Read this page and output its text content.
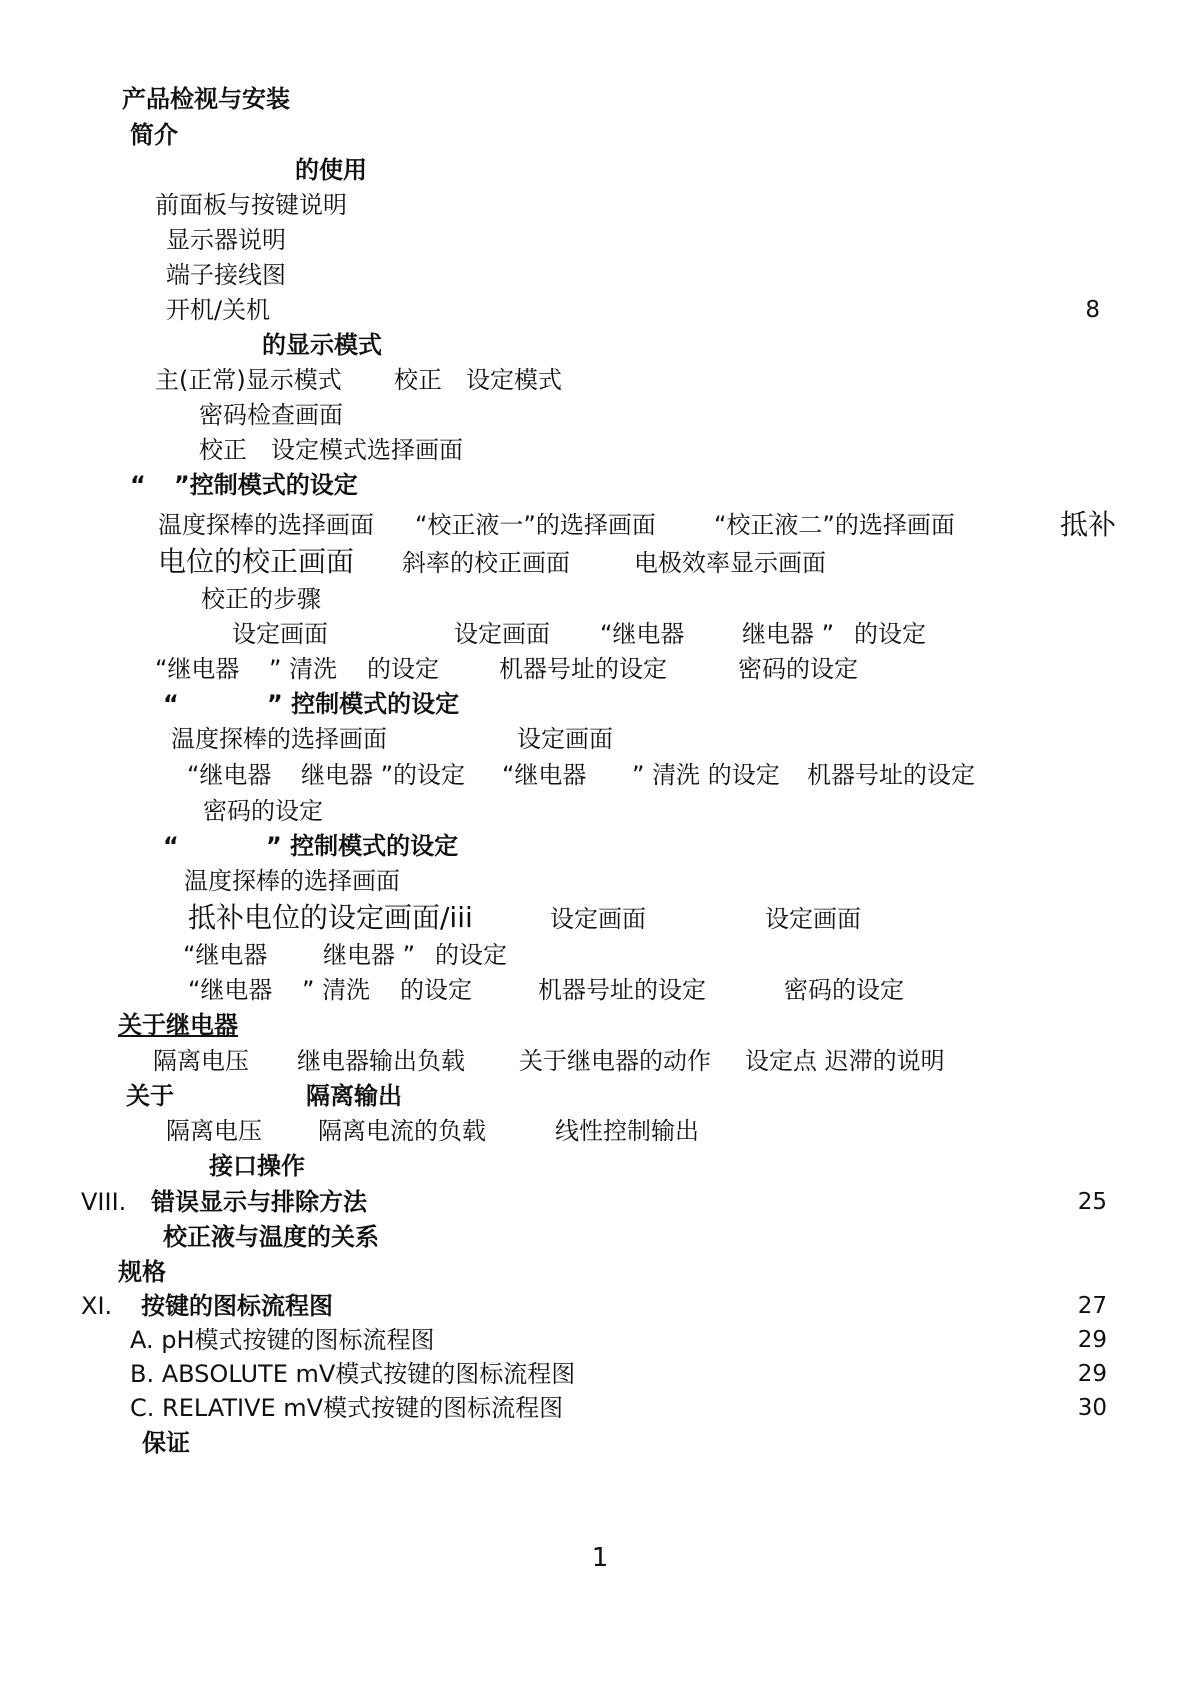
产品检视与安装
简介
的使用
前面板与按键说明
显示器说明
端子接线图
开机/关机	8
的显示模式
主(正常)显示模式 校正 设定模式
密码检查画面
校正 设定模式选择画面
“ ”控制模式的设定
温度探棒的选择画面 “校正液一”的选择画面 “校正液二”的选择画面	抵补
电位的校正画面 斜率的校正画面	电极效率显示画面
校正的步骤
设定画面	设定画面 “继电器 继电器 ” 的设定
“继电器 ” 清洗 的设定	机器号址的设定	密码的设定
“	” 控制模式的设定
温度探棒的选择画面	设定画面
“继电器 继电器 ”的设定 “继电器 ” 清洗 的设定 机器号址的设定
密码的设定
“	” 控制模式的设定
温度探棒的选择画面
抵补电位的设定画面/iii	设定画面	设定画面
“继电器 继电器 ” 的设定
“继电器 ” 清洗 的设定	机器号址的设定	密码的设定
关于继电器
隔离电压 继电器输出负载 关于继电器的动作 设定点 迟滞的说明
关于	隔离输出
隔离电压 隔离电流的负载	线性控制输出
接口操作
VIII. 错误显示与排除方法	25
校正液与温度的关系
规格
XI. 按键的图标流程图	27
A. pH模式按键的图标流程图	29
B. ABSOLUTE mV模式按键的图标流程图	29
C. RELATIVE mV模式按键的图标流程图	30
保证
1
